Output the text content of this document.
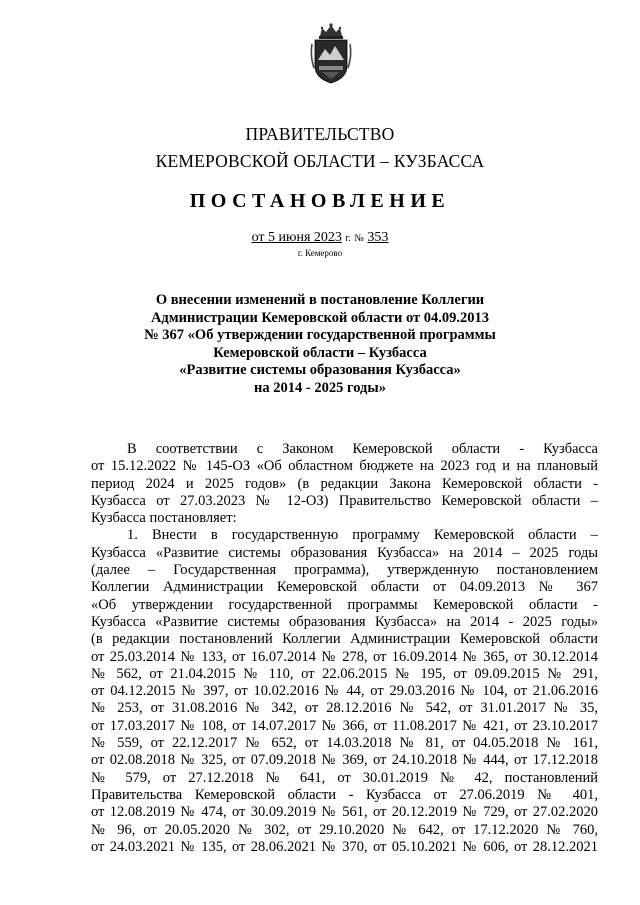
ПРАВИТЕЛЬСТВО
КЕМЕРОВСКОЙ ОБЛАСТИ – КУЗБАССА
ПОСТАНОВЛЕНИЕ
от 5 июня 2023 г. № 353
г. Кемерово
О внесении изменений в постановление Коллегии
Администрации Кемеровской области от 04.09.2013
№ 367 «Об утверждении государственной программы
Кемеровской области – Кузбасса
«Развитие системы образования Кузбасса»
на 2014 - 2025 годы»
В соответствии с Законом Кемеровской области - Кузбасса
от 15.12.2022 № 145-ОЗ «Об областном бюджете на 2023 год и на плановый
период 2024 и 2025 годов» (в редакции Закона Кемеровской области -
Кузбасса от 27.03.2023 № 12-ОЗ) Правительство Кемеровской области –
Кузбасса постановляет:
1. Внести в государственную программу Кемеровской области –
Кузбасса «Развитие системы образования Кузбасса» на 2014 – 2025 годы
(далее – Государственная программа), утвержденную постановлением
Коллегии Администрации Кемеровской области от 04.09.2013 № 367
«Об утверждении государственной программы Кемеровской области -
Кузбасса «Развитие системы образования Кузбасса» на 2014 - 2025 годы»
(в редакции постановлений Коллегии Администрации Кемеровской области
от 25.03.2014 № 133, от 16.07.2014 № 278, от 16.09.2014 № 365, от 30.12.2014
№ 562, от 21.04.2015 № 110, от 22.06.2015 № 195, от 09.09.2015 № 291,
от 04.12.2015 № 397, от 10.02.2016 № 44, от 29.03.2016 № 104, от 21.06.2016
№ 253, от 31.08.2016 № 342, от 28.12.2016 № 542, от 31.01.2017 № 35,
от 17.03.2017 № 108, от 14.07.2017 № 366, от 11.08.2017 № 421, от 23.10.2017
№ 559, от 22.12.2017 № 652, от 14.03.2018 № 81, от 04.05.2018 № 161,
от 02.08.2018 № 325, от 07.09.2018 № 369, от 24.10.2018 № 444, от 17.12.2018
№ 579, от 27.12.2018 № 641, от 30.01.2019 № 42, постановлений
Правительства Кемеровской области - Кузбасса от 27.06.2019 № 401,
от 12.08.2019 № 474, от 30.09.2019 № 561, от 20.12.2019 № 729, от 27.02.2020
№ 96, от 20.05.2020 № 302, от 29.10.2020 № 642, от 17.12.2020 № 760,
от 24.03.2021 № 135, от 28.06.2021 № 370, от 05.10.2021 № 606, от 28.12.2021
